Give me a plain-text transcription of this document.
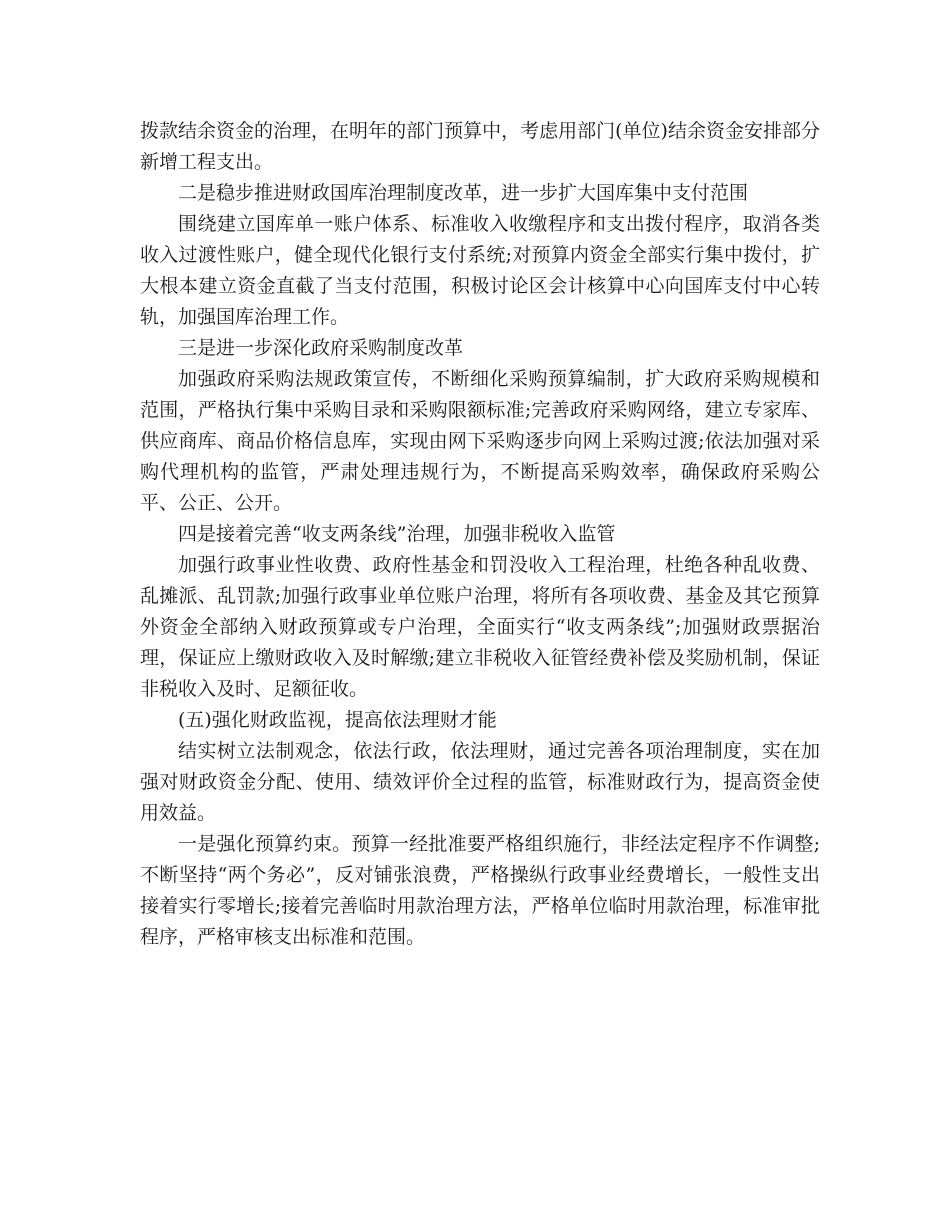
拨款结余资金的治理，在明年的部门预算中，考虑用部门(单位)结余资金安排部分新增工程支出。

二是稳步推进财政国库治理制度改革，进一步扩大国库集中支付范围

围绕建立国库单一账户体系、标准收入收缴程序和支出拨付程序，取消各类收入过渡性账户，健全现代化银行支付系统;对预算内资金全部实行集中拨付，扩大根本建立资金直截了当支付范围，积极讨论区会计核算中心向国库支付中心转轨，加强国库治理工作。

三是进一步深化政府采购制度改革

加强政府采购法规政策宣传，不断细化采购预算编制，扩大政府采购规模和范围，严格执行集中采购目录和采购限额标准;完善政府采购网络，建立专家库、供应商库、商品价格信息库，实现由网下采购逐步向网上采购过渡;依法加强对采购代理机构的监管，严肃处理违规行为，不断提高采购效率，确保政府采购公平、公正、公开。

四是接着完善“收支两条线”治理，加强非税收入监管

加强行政事业性收费、政府性基金和罚没收入工程治理，杜绝各种乱收费、乱摊派、乱罚款;加强行政事业单位账户治理，将所有各项收费、基金及其它预算外资金全部纳入财政预算或专户治理，全面实行“收支两条线”;加强财政票据治理，保证应上缴财政收入及时解缴;建立非税收入征管经费补偿及奖励机制，保证非税收入及时、足额征收。

(五)强化财政监视，提高依法理财才能

结实树立法制观念，依法行政，依法理财，通过完善各项治理制度，实在加强对财政资金分配、使用、绩效评价全过程的监管，标准财政行为，提高资金使用效益。

一是强化预算约束。预算一经批准要严格组织施行，非经法定程序不作调整;不断坚持“两个务必”，反对铺张浪费，严格操纵行政事业经费增长，一般性支出接着实行零增长;接着完善临时用款治理方法，严格单位临时用款治理，标准审批程序，严格审核支出标准和范围。
